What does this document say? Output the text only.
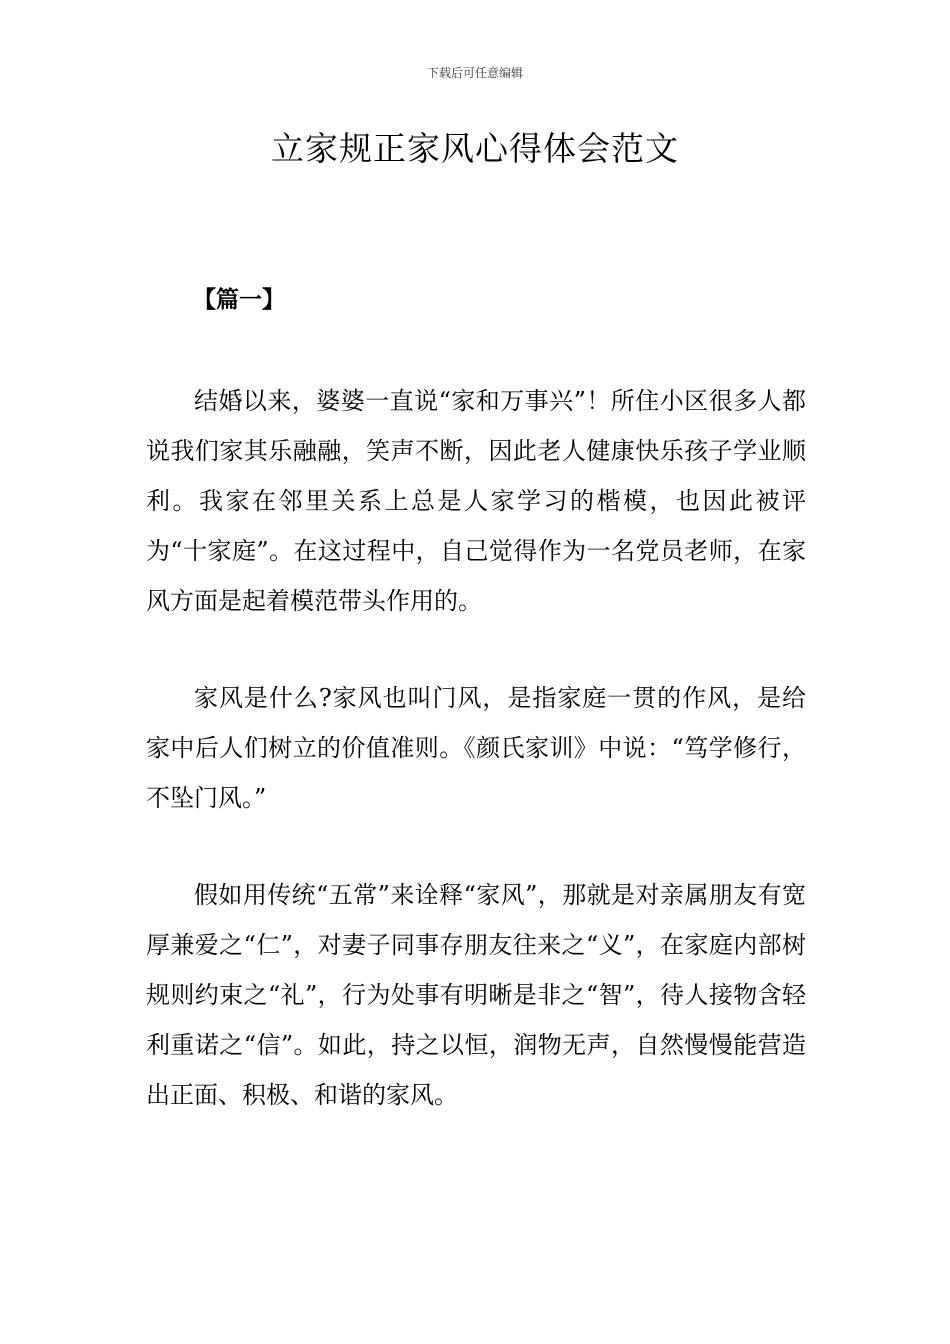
下载后可任意编辑
立家规正家风心得体会范文
【篇一】

结婚以来，婆婆一直说“家和万事兴”！所住小区很多人都说我们家其乐融融，笑声不断，因此老人健康快乐孩子学业顺利。我家在邻里关系上总是人家学习的楷模，也因此被评为“十家庭”。在这过程中，自己觉得作为一名党员老师，在家风方面是起着模范带头作用的。

家风是什么?家风也叫门风，是指家庭一贯的作风，是给家中后人们树立的价值准则。《颜氏家训》中说：“笃学修行，不坠门风。”

假如用传统“五常”来诠释“家风”，那就是对亲属朋友有宽厚兼爱之“仁”，对妻子同事存朋友往来之“义”，在家庭内部树规则约束之“礼”，行为处事有明晰是非之“智”，待人接物含轻利重诺之“信”。如此，持之以恒，润物无声，自然慢慢能营造出正面、积极、和谐的家风。
